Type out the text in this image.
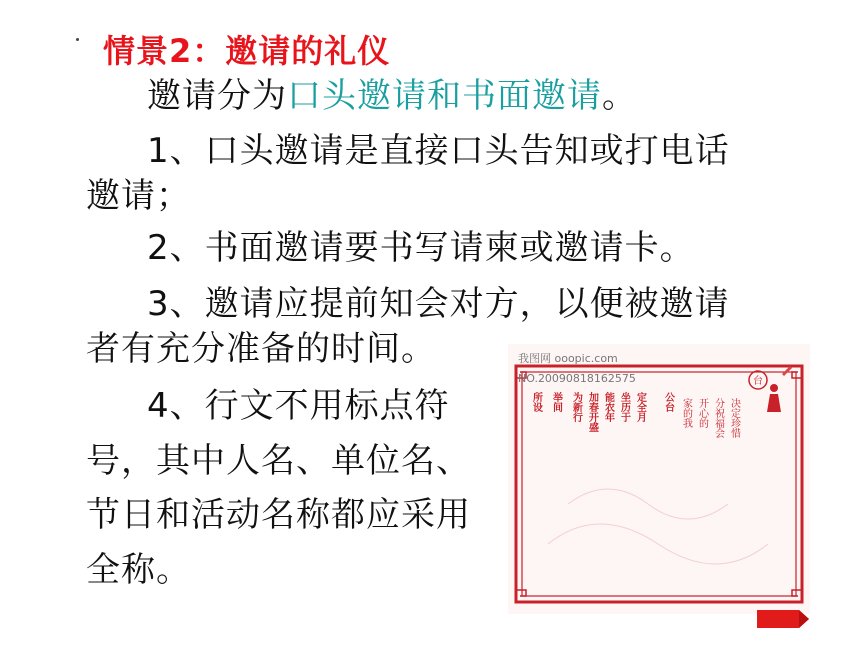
情景2：邀请的礼仪
邀请分为口头邀请和书面邀请。
1、口头邀请是直接口头告知或打电话
邀请；
2、书面邀请要书写请柬或邀请卡。
3、邀请应提前知会对方，以便被邀请
者有充分准备的时间。
4、行文不用标点符
号，其中人名、单位名、
节日和活动名称都应采用
全称。
我图网 ooopic.com
NO.20090818162575
所设 举间 为新行 加春开盛 能农年 坐历于 定全月 公台 家的我 开心的 分祝福会 决定珍惜
台
